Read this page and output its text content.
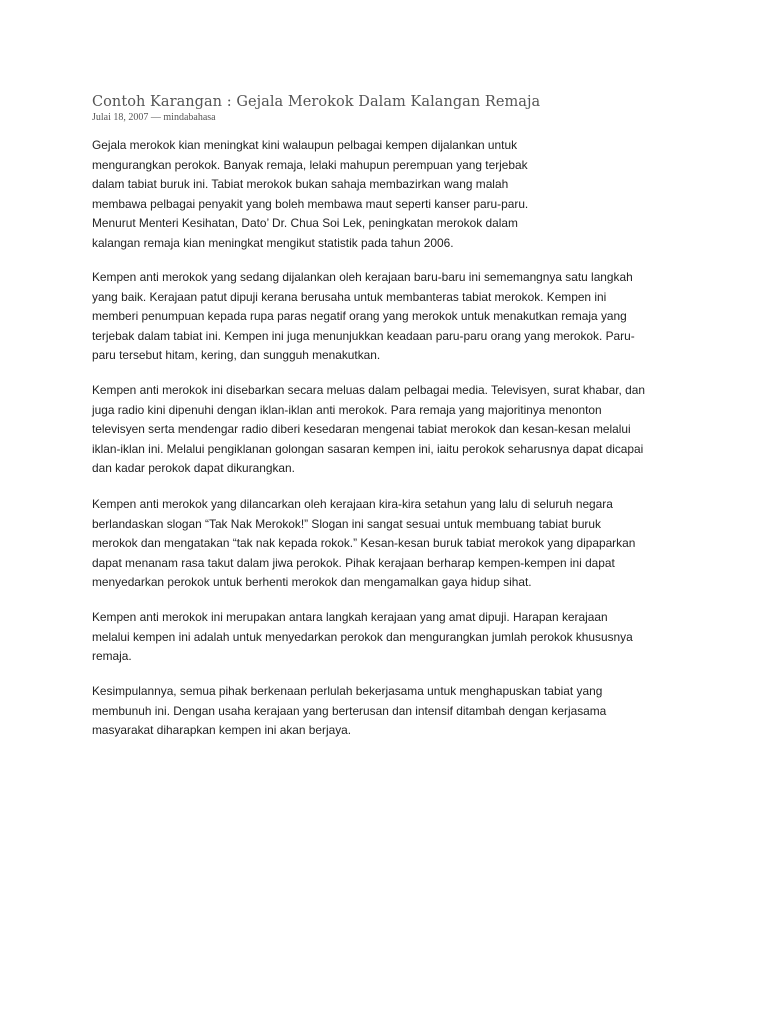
Contoh Karangan : Gejala Merokok Dalam Kalangan Remaja
Julai 18, 2007 — mindabahasa
Gejala merokok kian meningkat kini walaupun pelbagai kempen dijalankan untuk
mengurangkan perokok. Banyak remaja, lelaki mahupun perempuan yang terjebak
dalam tabiat buruk ini. Tabiat merokok bukan sahaja membazirkan wang malah
membawa pelbagai penyakit yang boleh membawa maut seperti kanser paru-paru.
Menurut Menteri Kesihatan, Dato’ Dr. Chua Soi Lek, peningkatan merokok dalam
kalangan remaja kian meningkat mengikut statistik pada tahun 2006.
Kempen anti merokok yang sedang dijalankan oleh kerajaan baru-baru ini sememangnya satu langkah
yang baik. Kerajaan patut dipuji kerana berusaha untuk membanteras tabiat merokok. Kempen ini
memberi penumpuan kepada rupa paras negatif orang yang merokok untuk menakutkan remaja yang
terjebak dalam tabiat ini. Kempen ini juga menunjukkan keadaan paru-paru orang yang merokok. Paru-
paru tersebut hitam, kering, dan sungguh menakutkan.
Kempen anti merokok ini disebarkan secara meluas dalam pelbagai media. Televisyen, surat khabar, dan
juga radio kini dipenuhi dengan iklan-iklan anti merokok. Para remaja yang majoritinya menonton
televisyen serta mendengar radio diberi kesedaran mengenai tabiat merokok dan kesan-kesan melalui
iklan-iklan ini. Melalui pengiklanan golongan sasaran kempen ini, iaitu perokok seharusnya dapat dicapai
dan kadar perokok dapat dikurangkan.
Kempen anti merokok yang dilancarkan oleh kerajaan kira-kira setahun yang lalu di seluruh negara
berlandaskan slogan “Tak Nak Merokok!” Slogan ini sangat sesuai untuk membuang tabiat buruk
merokok dan mengatakan “tak nak kepada rokok.” Kesan-kesan buruk tabiat merokok yang dipaparkan
dapat menanam rasa takut dalam jiwa perokok. Pihak kerajaan berharap kempen-kempen ini dapat
menyedarkan perokok untuk berhenti merokok dan mengamalkan gaya hidup sihat.
Kempen anti merokok ini merupakan antara langkah kerajaan yang amat dipuji. Harapan kerajaan
melalui kempen ini adalah untuk menyedarkan perokok dan mengurangkan jumlah perokok khususnya
remaja.
Kesimpulannya, semua pihak berkenaan perlulah bekerjasama untuk menghapuskan tabiat yang
membunuh ini. Dengan usaha kerajaan yang berterusan dan intensif ditambah dengan kerjasama
masyarakat diharapkan kempen ini akan berjaya.
